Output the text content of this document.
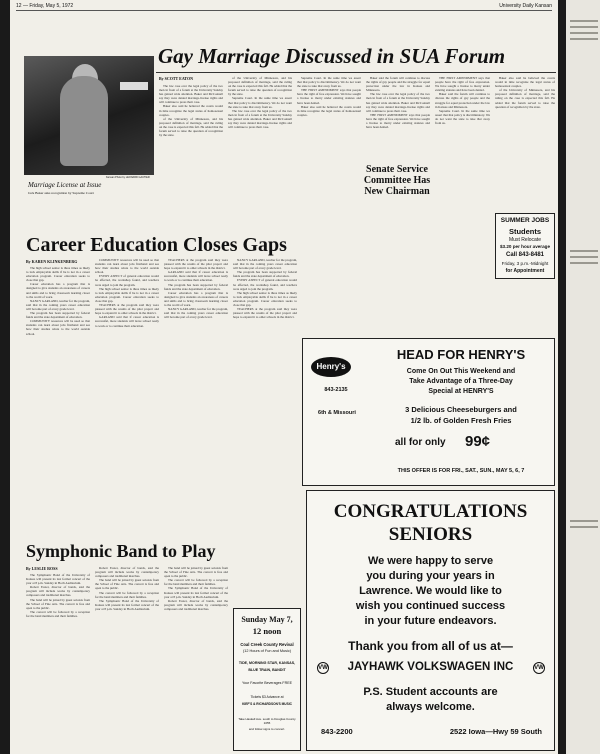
12 — Friday, May 5, 1972	University Daily Kansan
Gay Marriage Discussed in SUA Forum
Kansan Photo by LEONARD GAUTIER
Marriage License at Issue
Jack Baker asks recognition by Supreme Court
By SCOTT EATON

The law case over the legal policy of the two men in front of a forum at the University Sunday has gained wide attention. Baker and McConnell say they were denied marriage-license rights and will continue to press their case.

Baker also said he believed the courts would in time recognize the legal status of homosexual couples.

of the University of Minnesota, and his proposed definition of marriage, said the ruling on the case is expected this fall. He added that the forum served to raise the question of recognition by the state.

of the University of Minnesota, and his proposed definition of marriage, said the ruling on the case is expected this fall. He added that the forum served to raise the question of recognition by the state.

Supreme Court. In the same time we assert that that policy is discriminatory. We do not want the state to take that away from us.

The law case over the legal policy of the two men in front of a forum at the University Sunday has gained wide attention. Baker and McConnell say they were denied marriage-license rights and will continue to press their case.

Supreme Court. In the same time we assert that that policy is discriminatory. We do not want the state to take that away from us.

THE FIRST AMENDMENT says that people have the right of free expression. We have sought a license to marry under existing statutes and have been denied.

Baker also said he believed the courts would in time recognize the legal status of homosexual couples.

Baker said the forum will continue to discuss the rights of gay people and the struggle for equal protection under the law in Kansas and Minnesota.

The law case over the legal policy of the two men in front of a forum at the University Sunday has gained wide attention. Baker and McConnell say they were denied marriage-license rights and will continue to press their case.

THE FIRST AMENDMENT says that people have the right of free expression. We have sought a license to marry under existing statutes and have been denied.

THE FIRST AMENDMENT says that people have the right of free expression. We have sought a license to marry under existing statutes and have been denied.

Baker said the forum will continue to discuss the rights of gay people and the struggle for equal protection under the law in Kansas and Minnesota.

Supreme Court. In the same time we assert that that policy is discriminatory. We do not want the state to take that away from us.

Baker also said he believed the courts would in time recognize the legal status of homosexual couples.

of the University of Minnesota, and his proposed definition of marriage, said the ruling on the case is expected this fall. He added that the forum served to raise the question of recognition by the state.

Senate Service Committee Has New Chairman
SUMMER JOBS
Students
Must Relocate
$3.20 per hour average
Call 843-8481
Friday, 3 p.m.-Midnight
for Appointment
Career Education Closes Gaps
By KAREN KLINKENBERG

The high school senior is three times as likely to lack employable skills if he is not in a career education program. Career education seeks to close that gap.

Career education has a program that is designed to give students an awareness of careers and skills and to bring classroom learning closer to the world of work.

NANCY GARLAND, teacher for the program, said that in the coming years career education will become part of every grade level.

The program has been supported by federal funds and the state department of education.

COMMUNITY resources will be used so that students can learn about jobs firsthand and see how their studies relate to the world outside school.

COMMUNITY resources will be used so that students can learn about jobs firsthand and see how their studies relate to the world outside school.

EVERY ASPECT of general education would be affected, the workshop found, and teachers were urged to join the program.

The high school senior is three times as likely to lack employable skills if he is not in a career education program. Career education seeks to close that gap.

TEACHERS at the program said they were pleased with the results of the pilot project and hope to expand it to other schools in the district.

GARLAND said that if career education is successful, more students will leave school ready to work or to continue their education.

TEACHERS at the program said they were pleased with the results of the pilot project and hope to expand it to other schools in the district.

GARLAND said that if career education is successful, more students will leave school ready to work or to continue their education.

The program has been supported by federal funds and the state department of education.

Career education has a program that is designed to give students an awareness of careers and skills and to bring classroom learning closer to the world of work.

NANCY GARLAND, teacher for the program, said that in the coming years career education will become part of every grade level.

NANCY GARLAND, teacher for the program, said that in the coming years career education will become part of every grade level.

The program has been supported by federal funds and the state department of education.

EVERY ASPECT of general education would be affected, the workshop found, and teachers were urged to join the program.

The high school senior is three times as likely to lack employable skills if he is not in a career education program. Career education seeks to close that gap.

TEACHERS at the program said they were pleased with the results of the pilot project and hope to expand it to other schools in the district.

Henry's
HEAD FOR HENRY'S
Come On Out This Weekend and
Take Advantage of a Three-Day
Special at HENRY'S
3 Delicious Cheeseburgers and
1/2 lb. of Golden Fresh Fries
all for only 99¢
843-2135
6th & Missouri
THIS OFFER IS FOR FRI., SAT., SUN., MAY 5, 6, 7
Symphonic Band to Play
By LESLIE ROSS

The Symphonic Band of the University of Kansas will present its last formal concert of the year at 8 p.m. Sunday in Hoch Auditorium.

Robert Foster, director of bands, said the program will include works by contemporary composers and traditional marches.

The band will be joined by guest soloists from the School of Fine Arts. The concert is free and open to the public.

The concert will be followed by a reception for the band members and their families.

Robert Foster, director of bands, said the program will include works by contemporary composers and traditional marches.

The band will be joined by guest soloists from the School of Fine Arts. The concert is free and open to the public.

The concert will be followed by a reception for the band members and their families.

The Symphonic Band of the University of Kansas will present its last formal concert of the year at 8 p.m. Sunday in Hoch Auditorium.

The band will be joined by guest soloists from the School of Fine Arts. The concert is free and open to the public.

The concert will be followed by a reception for the band members and their families.

The Symphonic Band of the University of Kansas will present its last formal concert of the year at 8 p.m. Sunday in Hoch Auditorium.

Robert Foster, director of bands, said the program will include works by contemporary composers and traditional marches.

Sunday May 7,
12 noon
Coal Creek County Revival
(12 Hours of Fun and Music)
TIDE, MORNING STAR, KANSAS,
BLUE TRAIN, BANDIT
Your Favorite Beverages FREE
Tickets $3 Advance at
KIEF'S & RICHARDSON'S MUSIC
Take Haskell Ave. south to Douglas County 1055
and follow signs to concert.
CONGRATULATIONS
SENIORS
We were happy to serve
you during your years in
Lawrence. We would like to
wish you continued success
in your future endeavors.
Thank you from all of us at—
VW	JAYHAWK VOLKSWAGEN INC	VW
P.S. Student accounts are
always welcome.
843-2200	2522 Iowa—Hwy 59 South
